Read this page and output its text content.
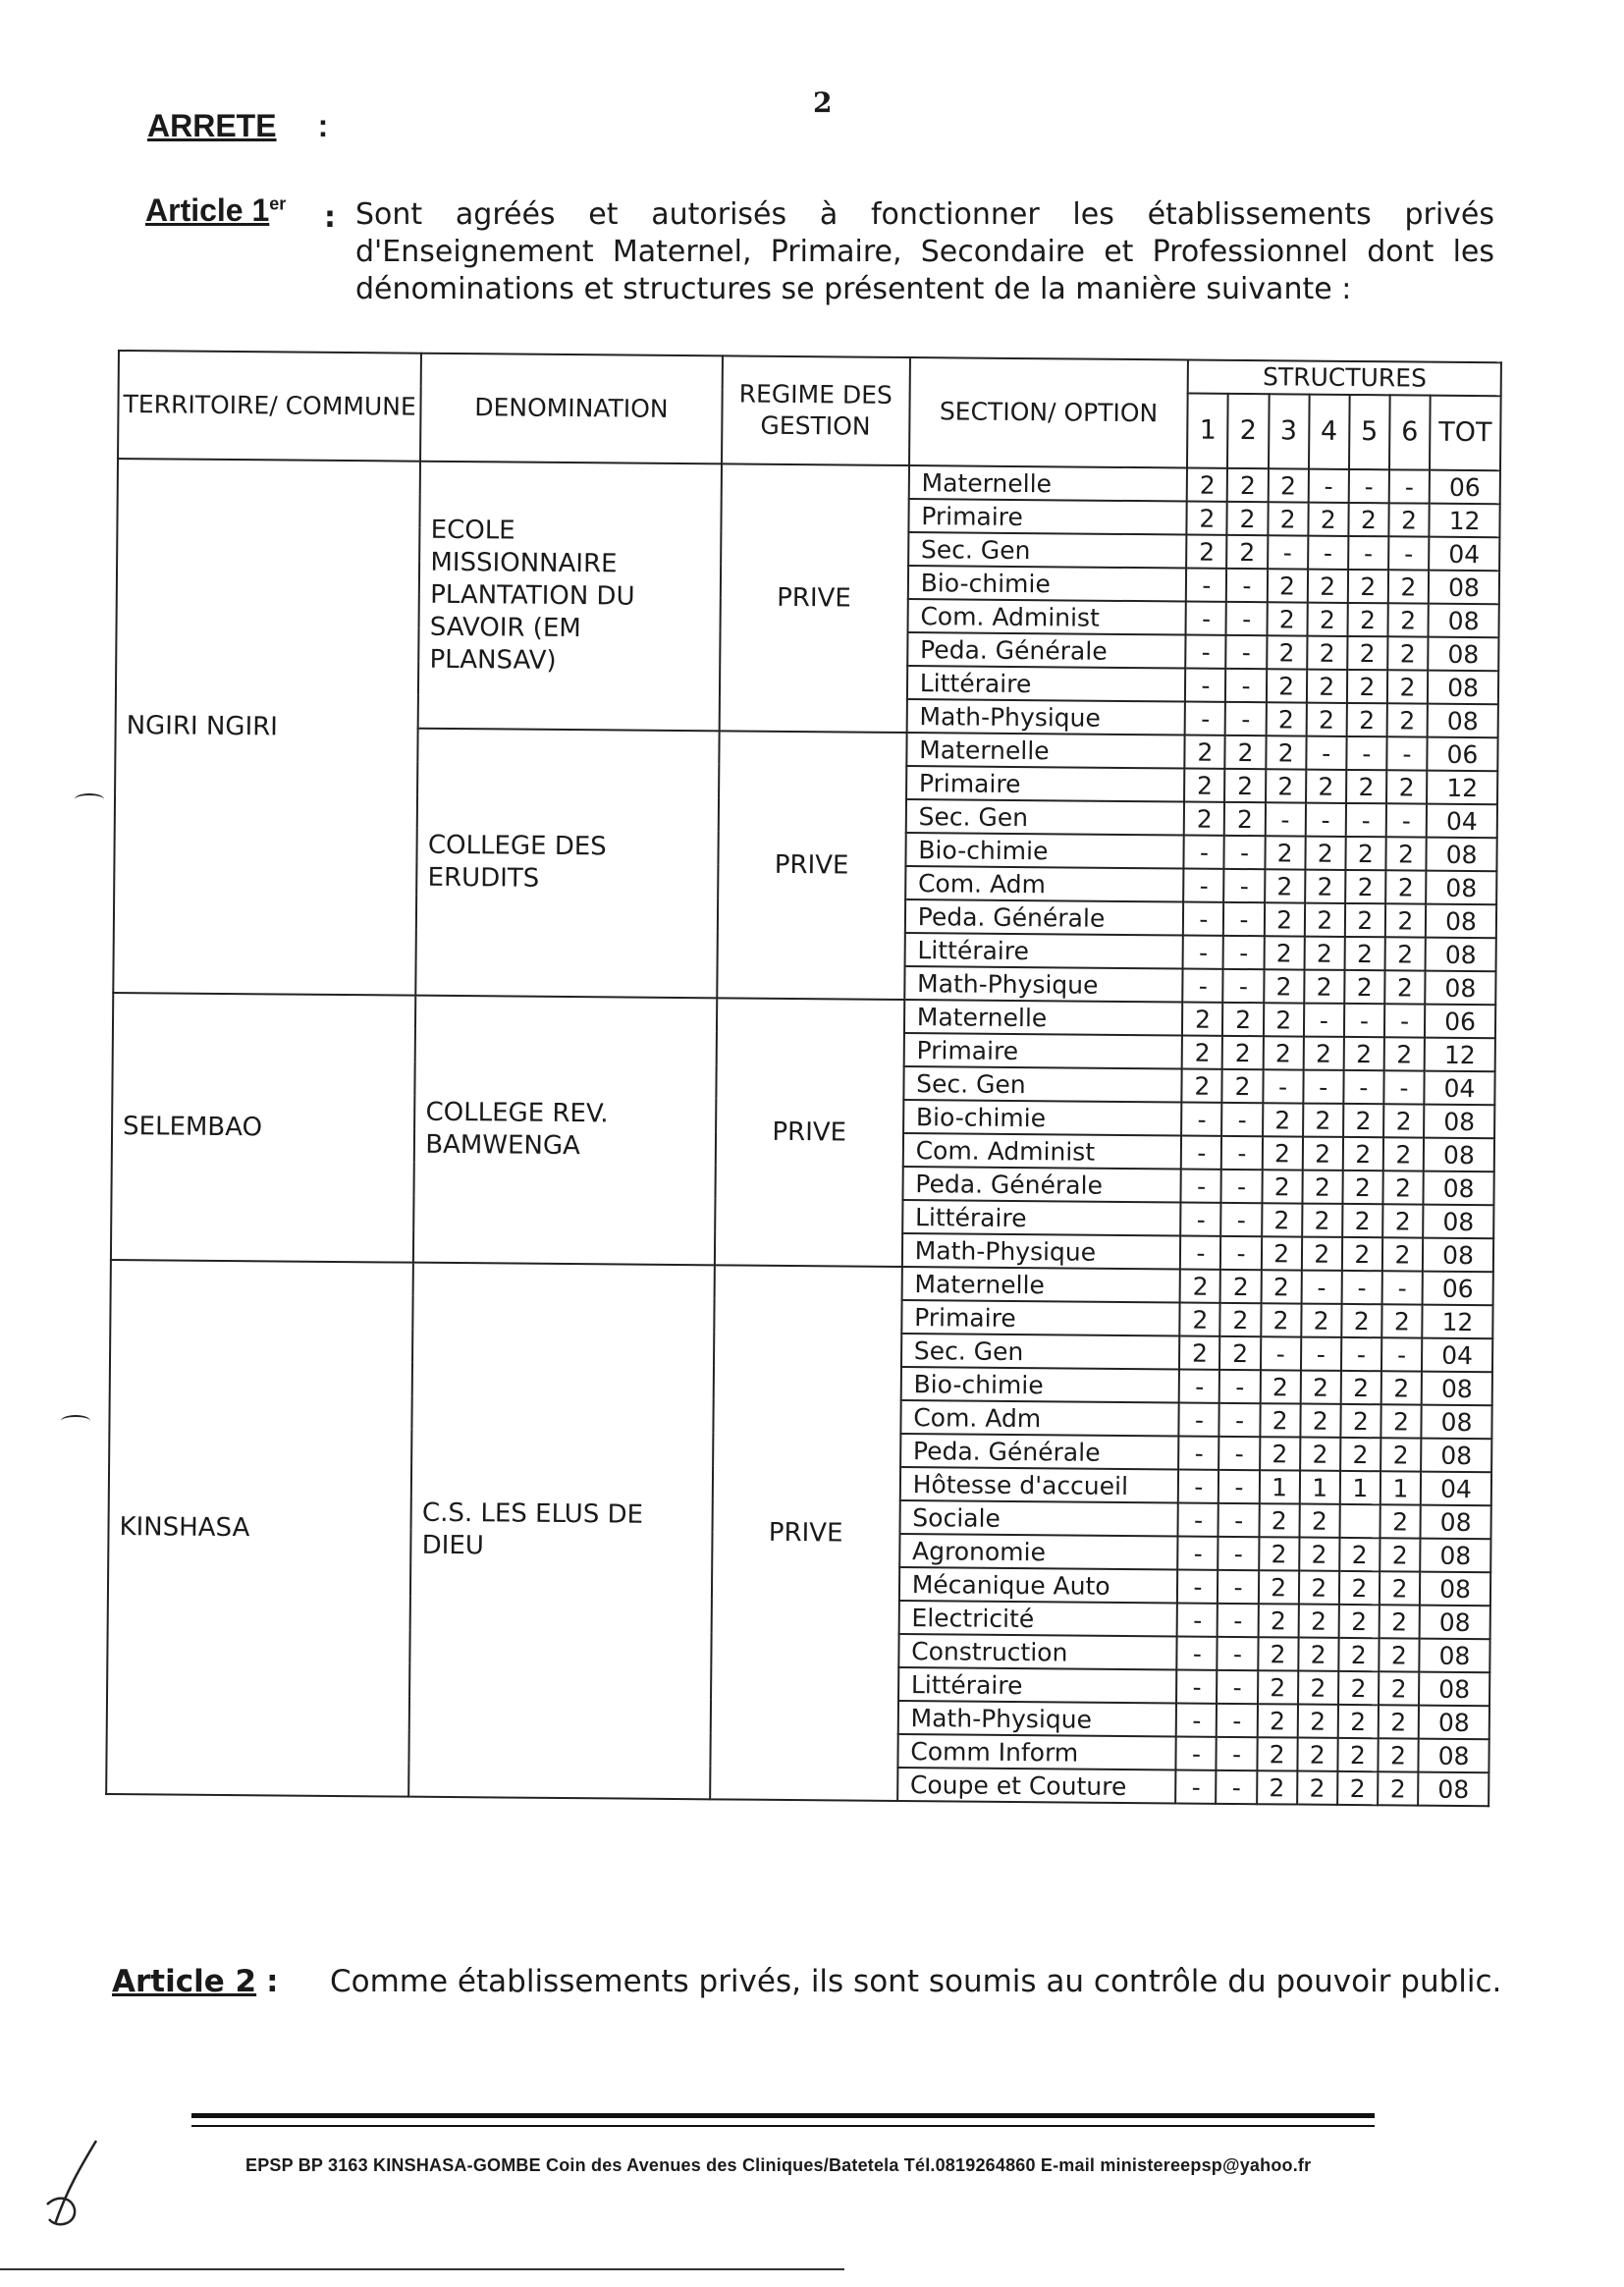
2
ARRETE :
Article 1er : Sont agréés et autorisés à fonctionner les établissements privés d'Enseignement Maternel, Primaire, Secondaire et Professionnel dont les dénominations et structures se présentent de la manière suivante :
TERRITOIRE/ COMMUNE	DENOMINATION	REGIME DES GESTION	SECTION/ OPTION	STRUCTURES						
				1	2	3	4	5	6	TOT
NGIRI NGIRI	ECOLE MISSIONNAIRE PLANTATION DU SAVOIR (EM PLANSAV)	PRIVE	Maternelle	2	2	2	-	-	-	06
			Primaire	2	2	2	2	2	2	12
			Sec. Gen	2	2	-	-	-	-	04
			Bio-chimie	-	-	2	2	2	2	08
			Com. Administ	-	-	2	2	2	2	08
			Peda. Générale	-	-	2	2	2	2	08
			Littéraire	-	-	2	2	2	2	08
			Math-Physique	-	-	2	2	2	2	08
	COLLEGE DES ERUDITS	PRIVE	Maternelle	2	2	2	-	-	-	06
			Primaire	2	2	2	2	2	2	12
			Sec. Gen	2	2	-	-	-	-	04
			Bio-chimie	-	-	2	2	2	2	08
			Com. Adm	-	-	2	2	2	2	08
			Peda. Générale	-	-	2	2	2	2	08
			Littéraire	-	-	2	2	2	2	08
			Math-Physique	-	-	2	2	2	2	08
SELEMBAO	COLLEGE REV. BAMWENGA	PRIVE	Maternelle	2	2	2	-	-	-	06
			Primaire	2	2	2	2	2	2	12
			Sec. Gen	2	2	-	-	-	-	04
			Bio-chimie	-	-	2	2	2	2	08
			Com. Administ	-	-	2	2	2	2	08
			Peda. Générale	-	-	2	2	2	2	08
			Littéraire	-	-	2	2	2	2	08
			Math-Physique	-	-	2	2	2	2	08
KINSHASA	C.S. LES ELUS DE DIEU	PRIVE	Maternelle	2	2	2	-	-	-	06
			Primaire	2	2	2	2	2	2	12
			Sec. Gen	2	2	-	-	-	-	04
			Bio-chimie	-	-	2	2	2	2	08
			Com. Adm	-	-	2	2	2	2	08
			Peda. Générale	-	-	2	2	2	2	08
			Hôtesse d'accueil	-	-	1	1	1	1	04
			Sociale	-	-	2	2		2	08
			Agronomie	-	-	2	2	2	2	08
			Mécanique Auto	-	-	2	2	2	2	08
			Electricité	-	-	2	2	2	2	08
			Construction	-	-	2	2	2	2	08
			Littéraire	-	-	2	2	2	2	08
			Math-Physique	-	-	2	2	2	2	08
			Comm Inform	-	-	2	2	2	2	08
			Coupe et Couture	-	-	2	2	2	2	08
Article 2 : Comme établissements privés, ils sont soumis au contrôle du pouvoir public.
EPSP BP 3163 KINSHASA-GOMBE Coin des Avenues des Cliniques/Batetela Tél.0819264860 E-mail ministereepsp@yahoo.fr
